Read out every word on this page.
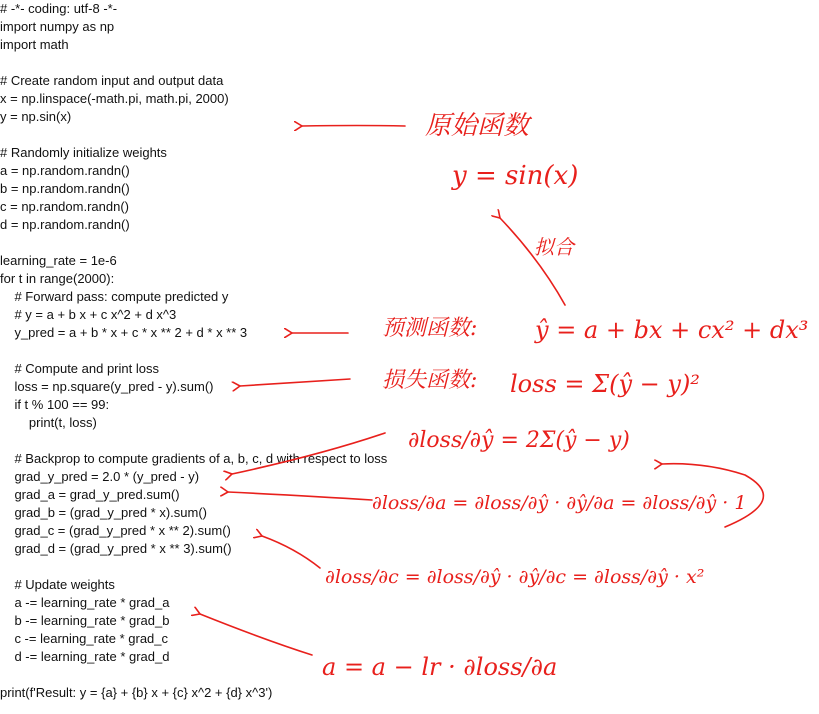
# -*- coding: utf-8 -*-
import numpy as np
import math
# Create random input and output data
x = np.linspace(-math.pi, math.pi, 2000)
y = np.sin(x)
# Randomly initialize weights
a = np.random.randn()
b = np.random.randn()
c = np.random.randn()
d = np.random.randn()
learning_rate = 1e-6
for t in range(2000):
# Forward pass: compute predicted y
# y = a + b x + c x^2 + d x^3
y_pred = a + b * x + c * x ** 2 + d * x ** 3
# Compute and print loss
loss = np.square(y_pred - y).sum()
if t % 100 == 99:
print(t, loss)
# Backprop to compute gradients of a, b, c, d with respect to loss
grad_y_pred = 2.0 * (y_pred - y)
grad_a = grad_y_pred.sum()
grad_b = (grad_y_pred * x).sum()
grad_c = (grad_y_pred * x ** 2).sum()
grad_d = (grad_y_pred * x ** 3).sum()
# Update weights
a -= learning_rate * grad_a
b -= learning_rate * grad_b
c -= learning_rate * grad_c
d -= learning_rate * grad_d
print(f'Result: y = {a} + {b} x + {c} x^2 + {d} x^3')
原始函数
y = sin(x)
拟合
预测函数: ŷ = a + bx + cx² + dx³
损失函数: loss = Σ(ŷ − y)²
∂loss/∂ŷ = 2Σ(ŷ − y)
∂loss/∂a = ∂loss/∂ŷ · ∂ŷ/∂a = ∂loss/∂ŷ · 1
∂loss/∂c = ∂loss/∂ŷ · ∂ŷ/∂c = ∂loss/∂ŷ · x²
a = a − lr · ∂loss/∂a
